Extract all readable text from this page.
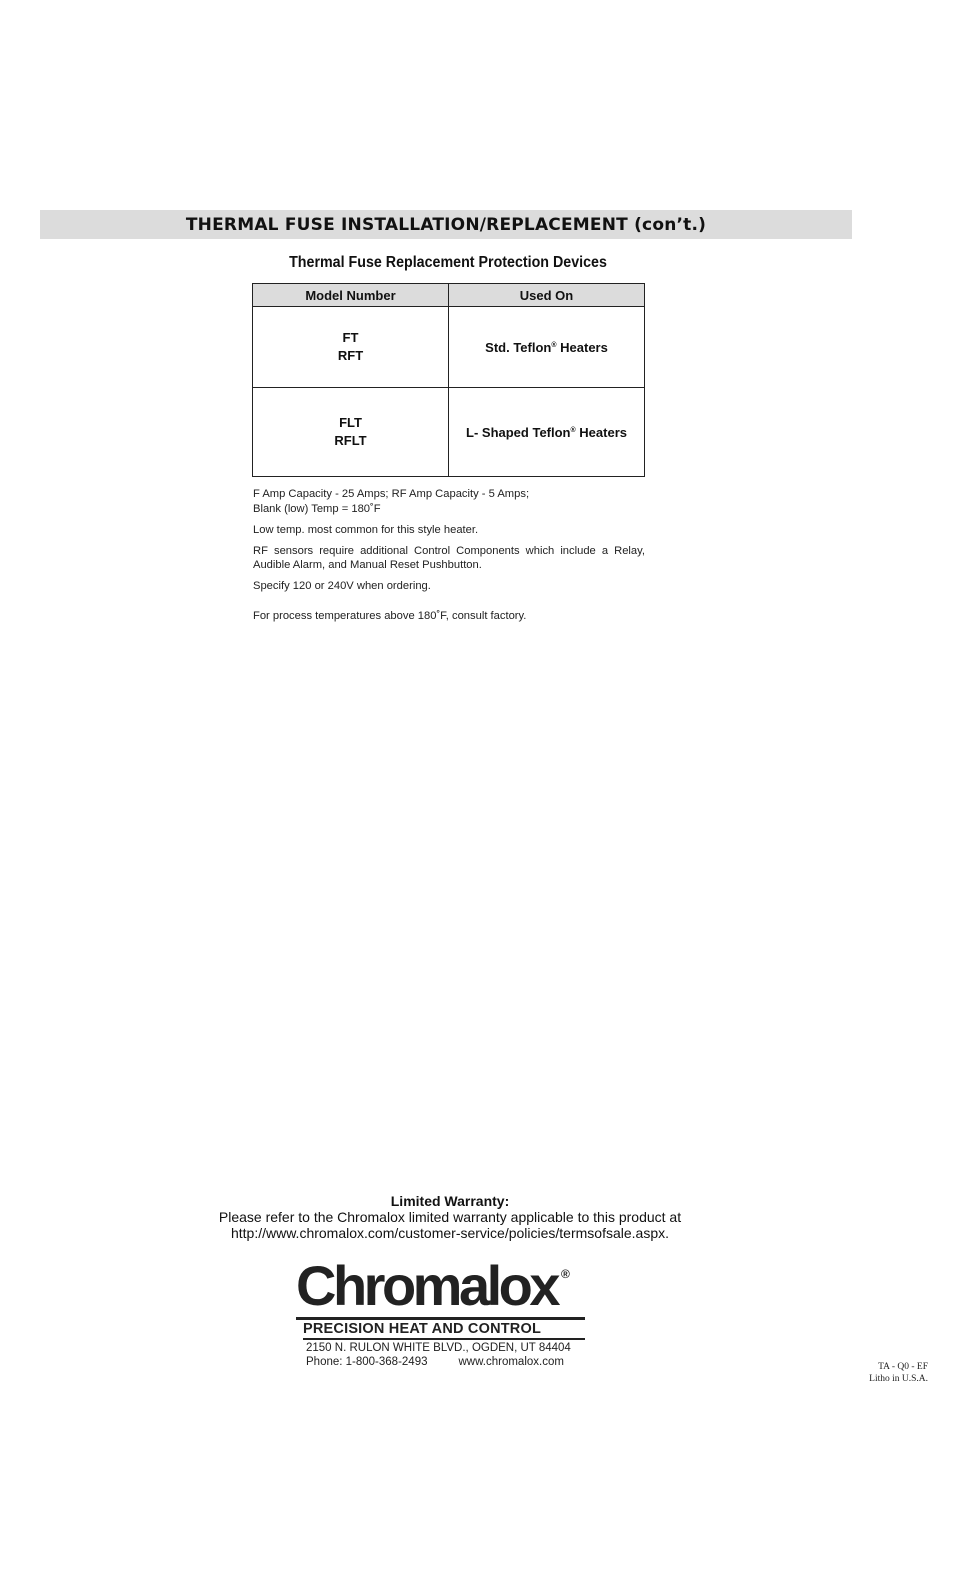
THERMAL FUSE INSTALLATION/REPLACEMENT (con’t.)
Thermal Fuse Replacement Protection Devices
Model Number	Used On

FT
RFT	Std. Teflon® Heaters

FLT
RFLT	L- Shaped Teflon® Heaters

F Amp Capacity - 25 Amps; RF Amp Capacity - 5 Amps;
Blank (low) Temp = 180˚F

Low temp. most common for this style heater.

RF sensors require additional Control Components which include a Relay, Audible Alarm, and Manual Reset Pushbutton.

Specify 120 or 240V when ordering.

For process temperatures above 180˚F, consult factory.

Limited Warranty:
Please refer to the Chromalox limited warranty applicable to this product at
http://www.chromalox.com/customer-service/policies/termsofsale.aspx.
Chromalox ®
PRECISION HEAT AND CONTROL
2150 N. RULON WHITE BLVD., OGDEN, UT 84404
Phone: 1-800-368-2493	www.chromalox.com	TA - Q0 - EF
Litho in U.S.A.
